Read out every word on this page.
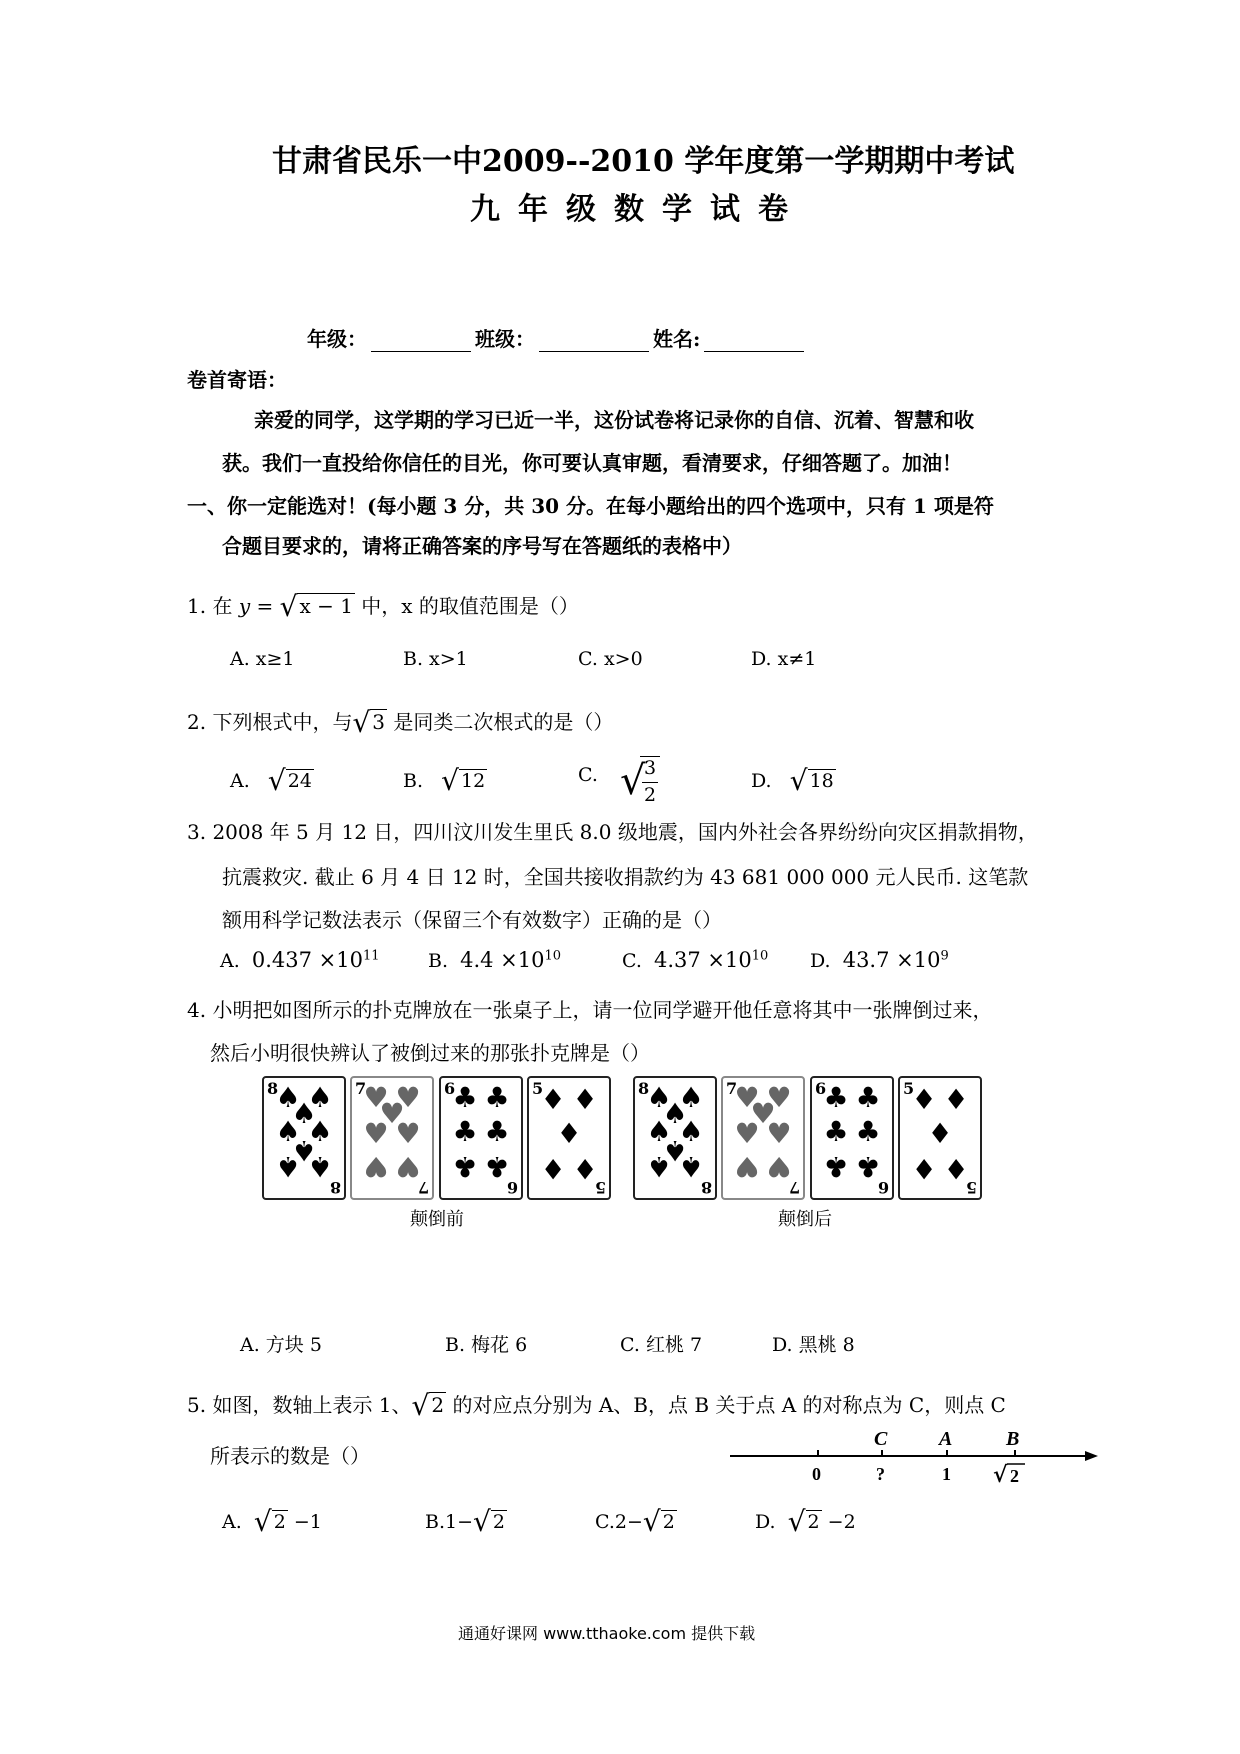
甘肃省民乐一中2009--2010 学年度第一学期期中考试
九年级数学试卷
年级：	班级：	姓名:
卷首寄语：
亲爱的同学，这学期的学习已近一半，这份试卷将记录你的自信、沉着、智慧和收
获。我们一直投给你信任的目光，你可要认真审题，看清要求，仔细答题了。加油！
一、你一定能选对！(每小题 3 分，共 30 分。在每小题给出的四个选项中，只有 1 项是符
合题目要求的，请将正确答案的序号写在答题纸的表格中）
1. 在 y = √ x − 1 中，x 的取值范围是（）
A. x≥1	B. x>1	C. x>0	D. x≠1
2. 下列根式中，与√ 3 是同类二次根式的是（）
A. √ 24	B. √ 12	C. √
3
2
D. √ 18
3. 2008 年 5 月 12 日，四川汶川发生里氏 8.0 级地震，国内外社会各界纷纷向灾区捐款捐物，
抗震救灾. 截止 6 月 4 日 12 时，全国共接收捐款约为 43 681 000 000 元人民币. 这笔款
额用科学记数法表示（保留三个有效数字）正确的是（）
A. $0.437 \times 10^{11}$	B. $4.4 \times 10^{10}$	C. $4.37 \times 10^{10}$ D. $43.7 \times 10^9$
4. 小明把如图所示的扑克牌放在一张桌子上，请一位同学避开他任意将其中一张牌倒过来，
然后小明很快辨认了被倒过来的那张扑克牌是（）
8
8
♠ ♠
♠
♠ ♠
♠
♠ ♠
7
7
♥ ♥
♥
♥ ♥
♥ ♥
6
6
♣ ♣
♣ ♣
♣ ♣
5
5
♦ ♦
♦
♦ ♦
8
8
♠ ♠
♠
♠ ♠
♠
♠ ♠
7
7
♥ ♥
♥
♥ ♥
♥ ♥
6
6
♣ ♣
♣ ♣
♣ ♣
5
5
♦ ♦
♦
♦ ♦
颠倒前	颠倒后
A. 方块 5	B. 梅花 6	C. 红桃 7	D. 黑桃 8
5. 如图，数轴上表示 1、√ 2 的对应点分别为 A、B，点 B 关于点 A 的对称点为 C，则点 C
所表示的数是（）
C	A	B
0	?	1 √ 2
A. √ 2 −1	B.1−√ 2	C.2−√ 2	D. √ 2 −2
通通好课网 www.tthaoke.com 提供下载
